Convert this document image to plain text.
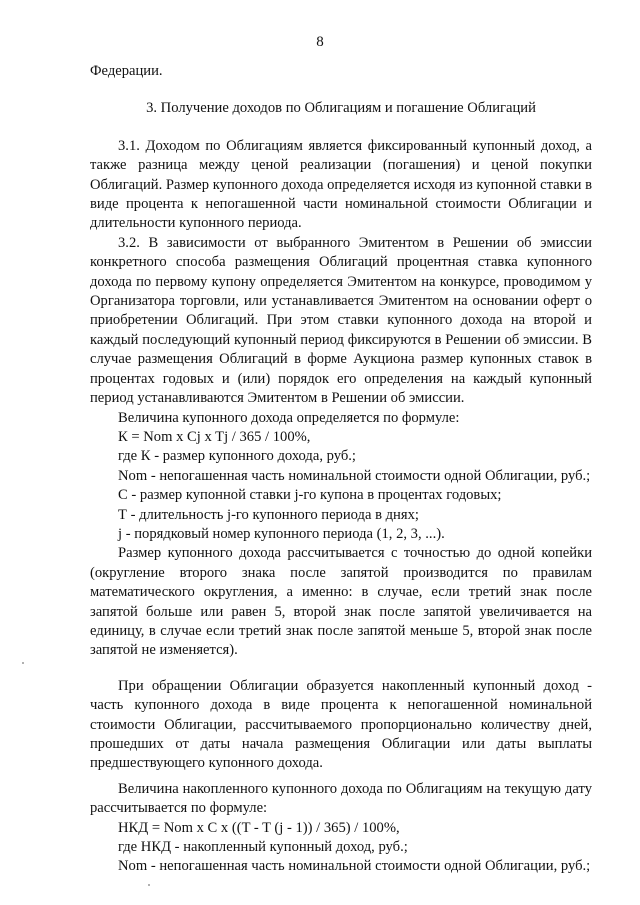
8

Федерации.

3. Получение доходов по Облигациям и погашение Облигаций

3.1. Доходом по Облигациям является фиксированный купонный доход, а также разница между ценой реализации (погашения) и ценой покупки Облигаций. Размер купонного дохода определяется исходя из купонной ставки в виде процента к непогашенной части номинальной стоимости Облигации и длительности купонного периода.

3.2. В зависимости от выбранного Эмитентом в Решении об эмиссии конкретного способа размещения Облигаций процентная ставка купонного дохода по первому купону определяется Эмитентом на конкурсе, проводимом у Организатора торговли, или устанавливается Эмитентом на основании оферт о приобретении Облигаций. При этом ставки купонного дохода на второй и каждый последующий купонный период фиксируются в Решении об эмиссии. В случае размещения Облигаций в форме Аукциона размер купонных ставок в процентах годовых и (или) порядок его определения на каждый купонный период устанавливаются Эмитентом в Решении об эмиссии.

Величина купонного дохода определяется по формуле:

К = Nom x Cj x Tj / 365 / 100%,

где К - размер купонного дохода, руб.;

Nom - непогашенная часть номинальной стоимости одной Облигации, руб.;

С - размер купонной ставки j-го купона в процентах годовых;

Т - длительность j-го купонного периода в днях;

j - порядковый номер купонного периода (1, 2, 3, ...).

Размер купонного дохода рассчитывается с точностью до одной копейки (округление второго знака после запятой производится по правилам математического округления, а именно: в случае, если третий знак после запятой больше или равен 5, второй знак после запятой увеличивается на единицу, в случае если третий знак после запятой меньше 5, второй знак после запятой не изменяется).

При обращении Облигации образуется накопленный купонный доход - часть купонного дохода в виде процента к непогашенной номинальной стоимости Облигации, рассчитываемого пропорционально количеству дней, прошедших от даты начала размещения Облигации или даты выплаты предшествующего купонного дохода.

Величина накопленного купонного дохода по Облигациям на текущую дату рассчитывается по формуле:

НКД = Nom x C x ((T - T (j - 1)) / 365) / 100%,

где НКД - накопленный купонный доход, руб.;

Nom - непогашенная часть номинальной стоимости одной Облигации, руб.;
